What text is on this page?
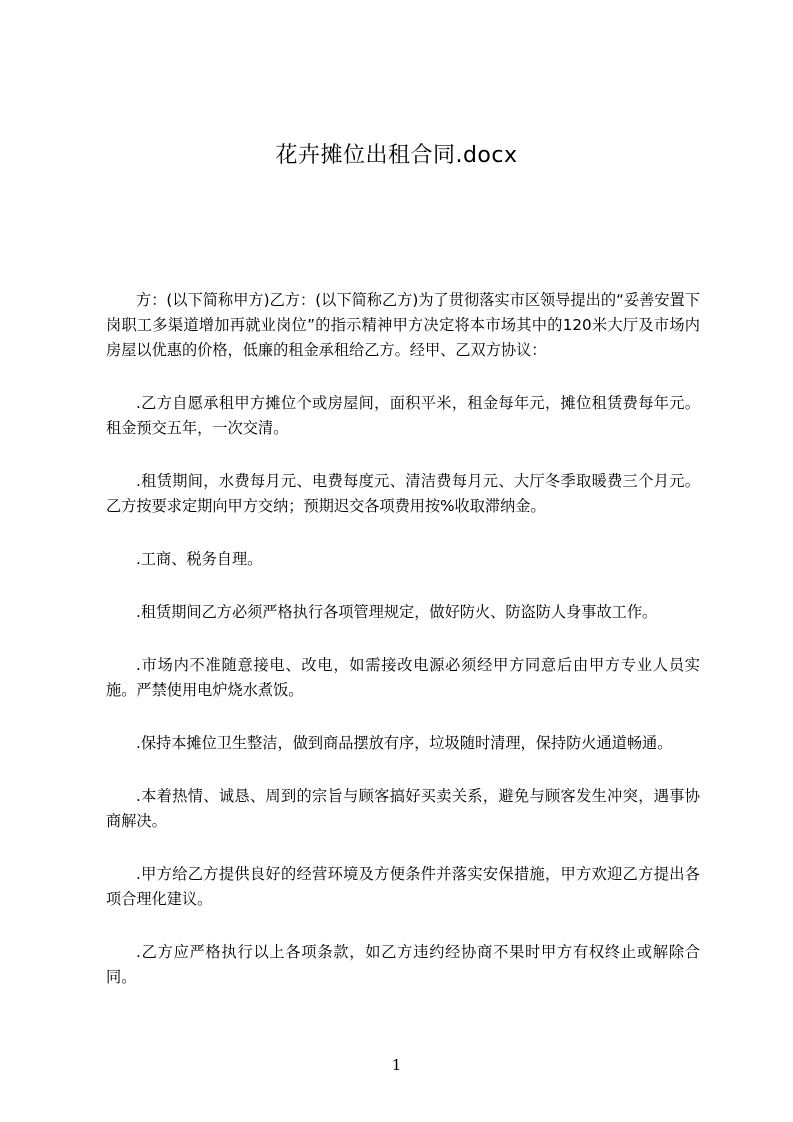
花卉摊位出租合同.docx

方：(以下简称甲方)乙方：(以下简称乙方)为了贯彻落实市区领导提出的“妥善安置下岗职工多渠道增加再就业岗位”的指示精神甲方决定将本市场其中的120米大厅及市场内房屋以优惠的价格，低廉的租金承租给乙方。经甲、乙双方协议：

.乙方自愿承租甲方摊位个或房屋间，面积平米，租金每年元，摊位租赁费每年元。租金预交五年，一次交清。

.租赁期间，水费每月元、电费每度元、清洁费每月元、大厅冬季取暖费三个月元。乙方按要求定期向甲方交纳；预期迟交各项费用按%收取滞纳金。

.工商、税务自理。

.租赁期间乙方必须严格执行各项管理规定，做好防火、防盗防人身事故工作。

.市场内不准随意接电、改电，如需接改电源必须经甲方同意后由甲方专业人员实施。严禁使用电炉烧水煮饭。

.保持本摊位卫生整洁，做到商品摆放有序，垃圾随时清理，保持防火通道畅通。

.本着热情、诚恳、周到的宗旨与顾客搞好买卖关系，避免与顾客发生冲突，遇事协商解决。

.甲方给乙方提供良好的经营环境及方便条件并落实安保措施，甲方欢迎乙方提出各项合理化建议。

.乙方应严格执行以上各项条款，如乙方违约经协商不果时甲方有权终止或解除合同。

1
